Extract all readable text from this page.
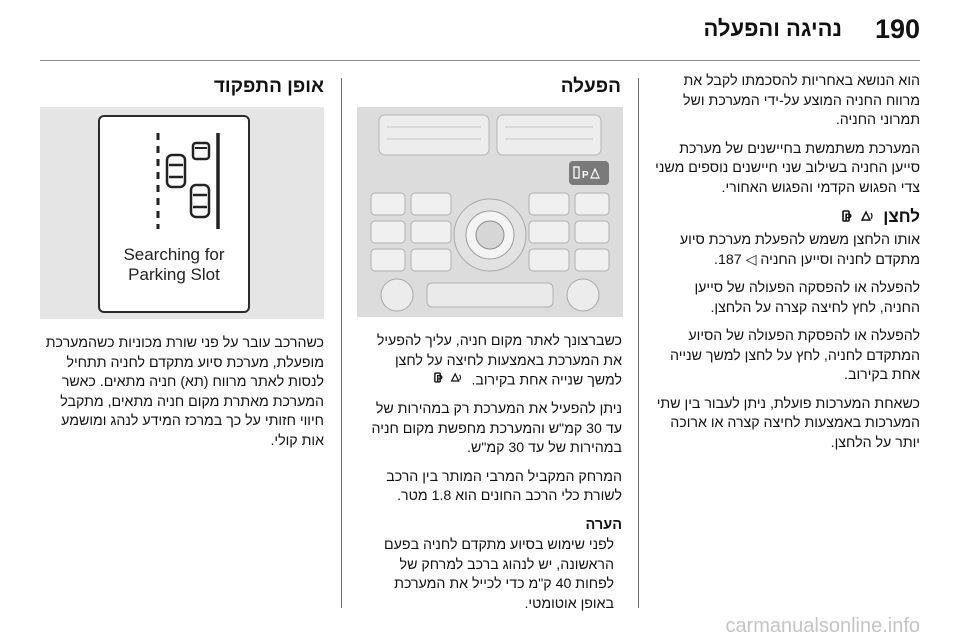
190
נהיגה והפעלה

הוא הנושא באחריות להסכמתו לקבל את מרווח החניה המוצע על-ידי המערכת ושל תמרוני החניה.

המערכת משתמשת בחיישנים של מערכת סייען החניה בשילוב שני חיישנים נוספים משני צדי הפגוש הקדמי והפגוש האחורי.

לחצן
P

אותו הלחצן משמש להפעלת מערכת סיוע מתקדם לחניה וסייען החניה ◁ 187.

להפעלה או להפסקה הפעולה של סייען החניה, לחץ לחיצה קצרה על הלחצן.

להפעלה או להפסקת הפעולה של הסיוע המתקדם לחניה, לחץ על לחצן למשך שנייה אחת בקירוב.

כשאחת המערכות פועלת, ניתן לעבור בין שתי המערכות באמצעות לחיצה קצרה או ארוכה יותר על הלחצן.

הפעלה
P

כשברצונך לאתר מקום חניה, עליך להפעיל את המערכת באמצעות לחיצה על לחצן למשך שנייה אחת בקירוב.
P

ניתן להפעיל את המערכת רק במהירות של עד 30 קמ"ש והמערכת מחפשת מקום חניה במהירות של עד 30 קמ"ש.

המרחק המקביל המרבי המותר בין הרכב לשורת כלי הרכב החונים הוא 1.8 מטר.

הערה
לפני שימוש בסיוע מתקדם לחניה בפעם הראשונה, יש לנהוג ברכב למרחק של לפחות 40 ק"מ כדי לכייל את המערכת באופן אוטומטי.
אופן התפקוד
Searching for
Parking Slot

כשהרכב עובר על פני שורת מכוניות כשהמערכת מופעלת, מערכת סיוע מתקדם לחניה תתחיל לנסות לאתר מרווח (תא) חניה מתאים. כאשר המערכת מאתרת מקום חניה מתאים, מתקבל חיווי חזותי על כך במרכז המידע לנהג ומושמע אות קולי.

carmanualsonline.info
